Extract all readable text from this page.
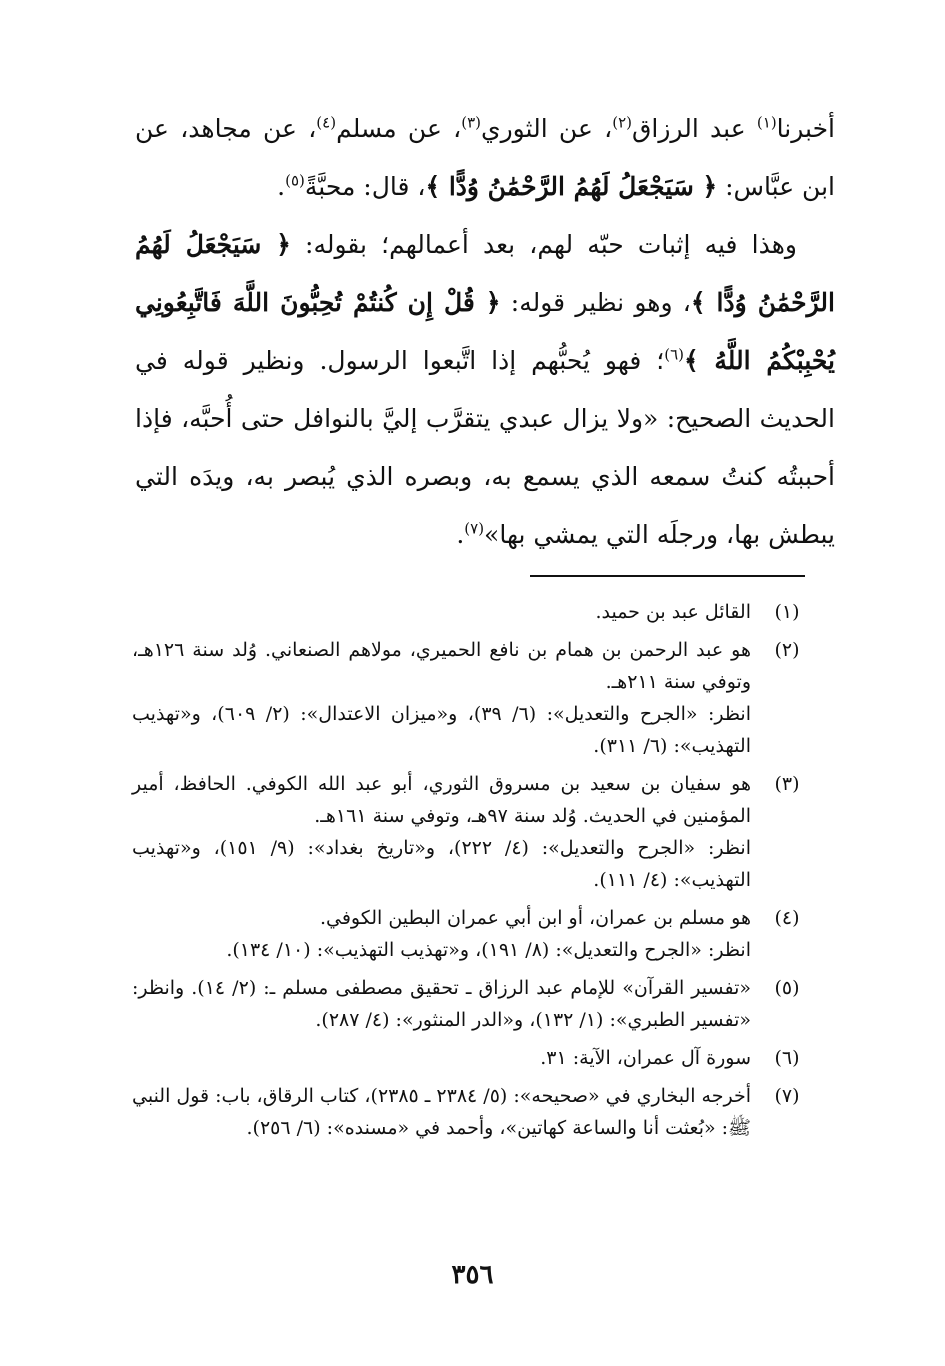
أخبرنا$^{(١)}$ عبد الرزاق$^{(٢)}$، عن الثوري$^{(٣)}$، عن مسلم$^{(٤)}$، عن مجاهد، عن ابن عبَّاس: ﴿ سَيَجْعَلُ لَهُمُ الرَّحْمَٰنُ وُدًّا ﴾، قال: محبَّةً$^{(٥)}$.

وهذا فيه إثبات حبّه لهم، بعد أعمالهم؛ بقوله: ﴿ سَيَجْعَلُ لَهُمُ الرَّحْمَٰنُ وُدًّا ﴾، وهو نظير قوله: ﴿ قُلْ إِن كُنتُمْ تُحِبُّونَ اللَّهَ فَاتَّبِعُونِي يُحْبِبْكُمُ اللَّهُ ﴾$^{(٦)}$؛ فهو يُحبُّهم إذا اتَّبعوا الرسول. ونظير قوله في الحديث الصحيح: «ولا يزال عبدي يتقرَّب إليَّ بالنوافل حتى أُحبَّه، فإذا أحببتُه كنتُ سمعه الذي يسمع به، وبصره الذي يُبصر به، ويدَه التي يبطش بها، ورجلَه التي يمشي بها»$^{(٧)}$.

(١)

القائل عبد بن حميد.

(٢)

هو عبد الرحمن بن همام بن نافع الحميري، مولاهم الصنعاني. وُلد سنة ١٢٦هـ، وتوفي سنة ٢١١هـ.

انظر: «الجرح والتعديل»: (٦/ ٣٩)، و«ميزان الاعتدال»: (٢/ ٦٠٩)، و«تهذيب التهذيب»: (٦/ ٣١١).

(٣)

هو سفيان بن سعيد بن مسروق الثوري، أبو عبد الله الكوفي. الحافظ، أمير المؤمنين في الحديث. وُلد سنة ٩٧هـ، وتوفي سنة ١٦١هـ.

انظر: «الجرح والتعديل»: (٤/ ٢٢٢)، و«تاريخ بغداد»: (٩/ ١٥١)، و«تهذيب التهذيب»: (٤/ ١١١).

(٤)

هو مسلم بن عمران، أو ابن أبي عمران البطين الكوفي.

انظر: «الجرح والتعديل»: (٨/ ١٩١)، و«تهذيب التهذيب»: (١٠/ ١٣٤).

(٥)

«تفسير القرآن» للإمام عبد الرزاق ـ تحقيق مصطفى مسلم ـ: (٢/ ١٤). وانظر: «تفسير الطبري»: (١/ ١٣٢)، و«الدر المنثور»: (٤/ ٢٨٧).

(٦)

سورة آل عمران، الآية: ٣١.

(٧)

أخرجه البخاري في «صحيحه»: (٥/ ٢٣٨٤ ـ ٢٣٨٥)، كتاب الرقاق، باب: قول النبي ﷺ: «بُعثت أنا والساعة كهاتين»، وأحمد في «مسنده»: (٦/ ٢٥٦).

٣٥٦
